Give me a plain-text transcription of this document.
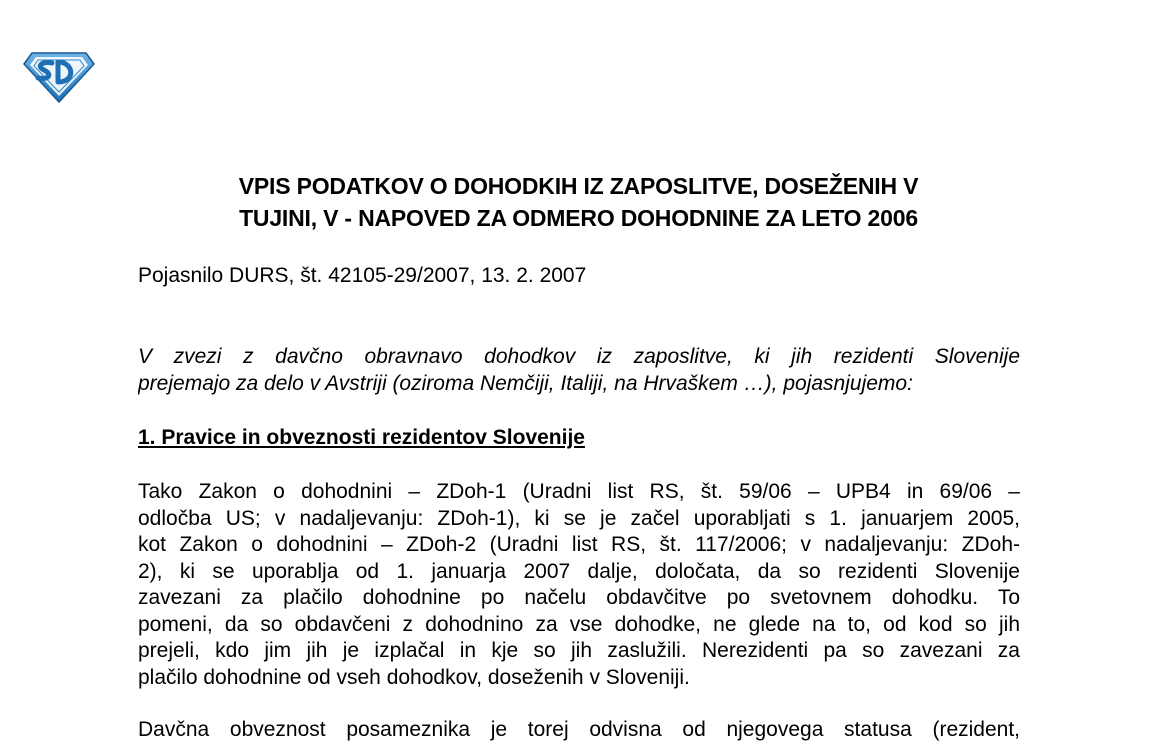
VPIS PODATKOV O DOHODKIH IZ ZAPOSLITVE, DOSEŽENIH V
TUJINI, V - NAPOVED ZA ODMERO DOHODNINE ZA LETO 2006
Pojasnilo DURS, št. 42105-29/2007, 13. 2. 2007
V zvezi z davčno obravnavo dohodkov iz zaposlitve, ki jih rezidenti Slovenije
prejemajo za delo v Avstriji (oziroma Nemčiji, Italiji, na Hrvaškem …), pojasnjujemo:
1. Pravice in obveznosti rezidentov Slovenije
Tako Zakon o dohodnini – ZDoh-1 (Uradni list RS, št. 59/06 – UPB4 in 69/06 –
odločba US; v nadaljevanju: ZDoh-1), ki se je začel uporabljati s 1. januarjem 2005,
kot Zakon o dohodnini – ZDoh-2 (Uradni list RS, št. 117/2006; v nadaljevanju: ZDoh-
2), ki se uporablja od 1. januarja 2007 dalje, določata, da so rezidenti Slovenije
zavezani za plačilo dohodnine po načelu obdavčitve po svetovnem dohodku. To
pomeni, da so obdavčeni z dohodnino za vse dohodke, ne glede na to, od kod so jih
prejeli, kdo jim jih je izplačal in kje so jih zaslužili. Nerezidenti pa so zavezani za
plačilo dohodnine od vseh dohodkov, doseženih v Sloveniji.
Davčna obveznost posameznika je torej odvisna od njegovega statusa (rezident,
